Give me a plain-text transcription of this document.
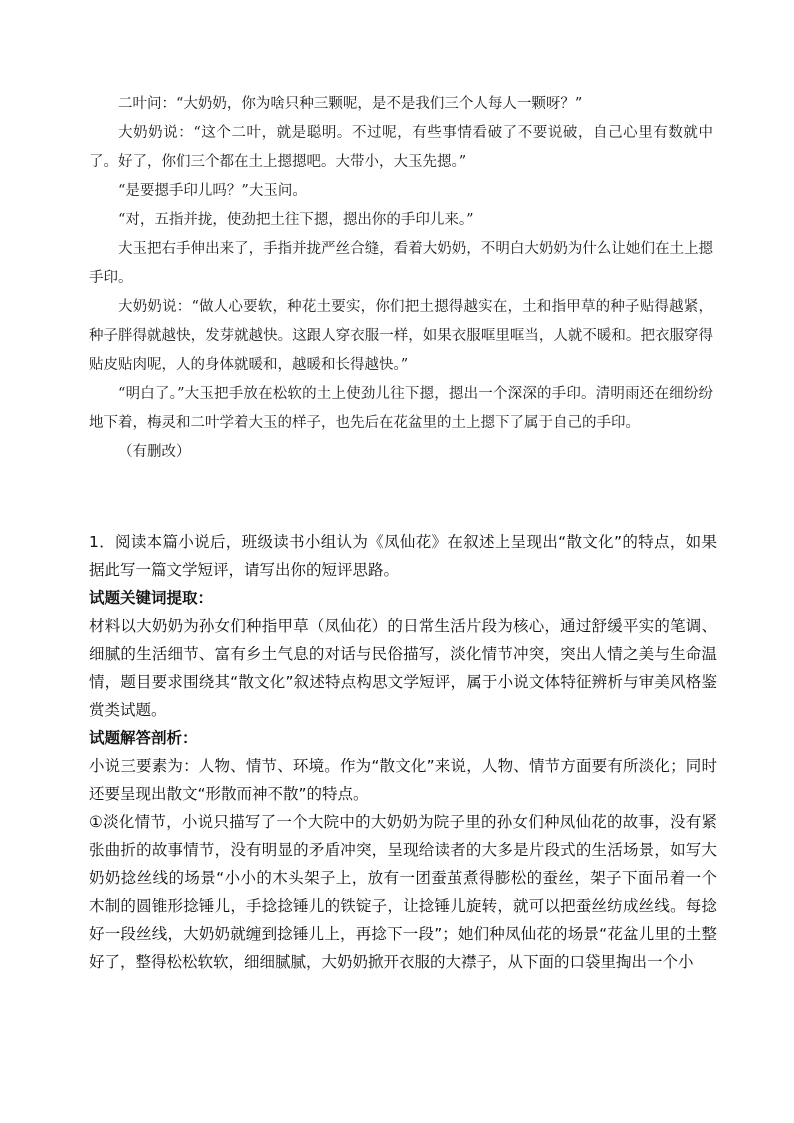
二叶问：“大奶奶，你为啥只种三颗呢，是不是我们三个人每人一颗呀？”

大奶奶说：“这个二叶，就是聪明。不过呢，有些事情看破了不要说破，自己心里有数就中了。好了，你们三个都在土上摁摁吧。大带小，大玉先摁。”

“是要摁手印儿吗？”大玉问。

“对，五指并拢，使劲把土往下摁，摁出你的手印儿来。”

大玉把右手伸出来了，手指并拢严丝合缝，看着大奶奶，不明白大奶奶为什么让她们在土上摁手印。

大奶奶说：“做人心要软，种花土要实，你们把土摁得越实在，土和指甲草的种子贴得越紧，种子胖得就越快，发芽就越快。这跟人穿衣服一样，如果衣服哐里哐当，人就不暖和。把衣服穿得贴皮贴肉呢，人的身体就暖和，越暖和长得越快。”

“明白了。”大玉把手放在松软的土上使劲儿往下摁，摁出一个深深的手印。清明雨还在细纷纷地下着，梅灵和二叶学着大玉的样子，也先后在花盆里的土上摁下了属于自己的手印。

（有删改）

1．阅读本篇小说后，班级读书小组认为《凤仙花》在叙述上呈现出“散文化”的特点，如果据此写一篇文学短评，请写出你的短评思路。

试题关键词提取：

材料以大奶奶为孙女们种指甲草（凤仙花）的日常生活片段为核心，通过舒缓平实的笔调、细腻的生活细节、富有乡土气息的对话与民俗描写，淡化情节冲突，突出人情之美与生命温情，题目要求围绕其“散文化”叙述特点构思文学短评，属于小说文体特征辨析与审美风格鉴赏类试题。

试题解答剖析：

小说三要素为：人物、情节、环境。作为“散文化”来说，人物、情节方面要有所淡化；同时还要呈现出散文“形散而神不散”的特点。

①淡化情节，小说只描写了一个大院中的大奶奶为院子里的孙女们种凤仙花的故事，没有紧张曲折的故事情节，没有明显的矛盾冲突，呈现给读者的大多是片段式的生活场景，如写大奶奶捻丝线的场景“小小的木头架子上，放有一团蚕茧煮得膨松的蚕丝，架子下面吊着一个木制的圆锥形捻锤儿，手捻捻锤儿的铁锭子，让捻锤儿旋转，就可以把蚕丝纺成丝线。每捻好一段丝线，大奶奶就缠到捻锤儿上，再捻下一段”；她们种凤仙花的场景“花盆儿里的土整好了，整得松松软软，细细腻腻，大奶奶掀开衣服的大襟子，从下面的口袋里掏出一个小
